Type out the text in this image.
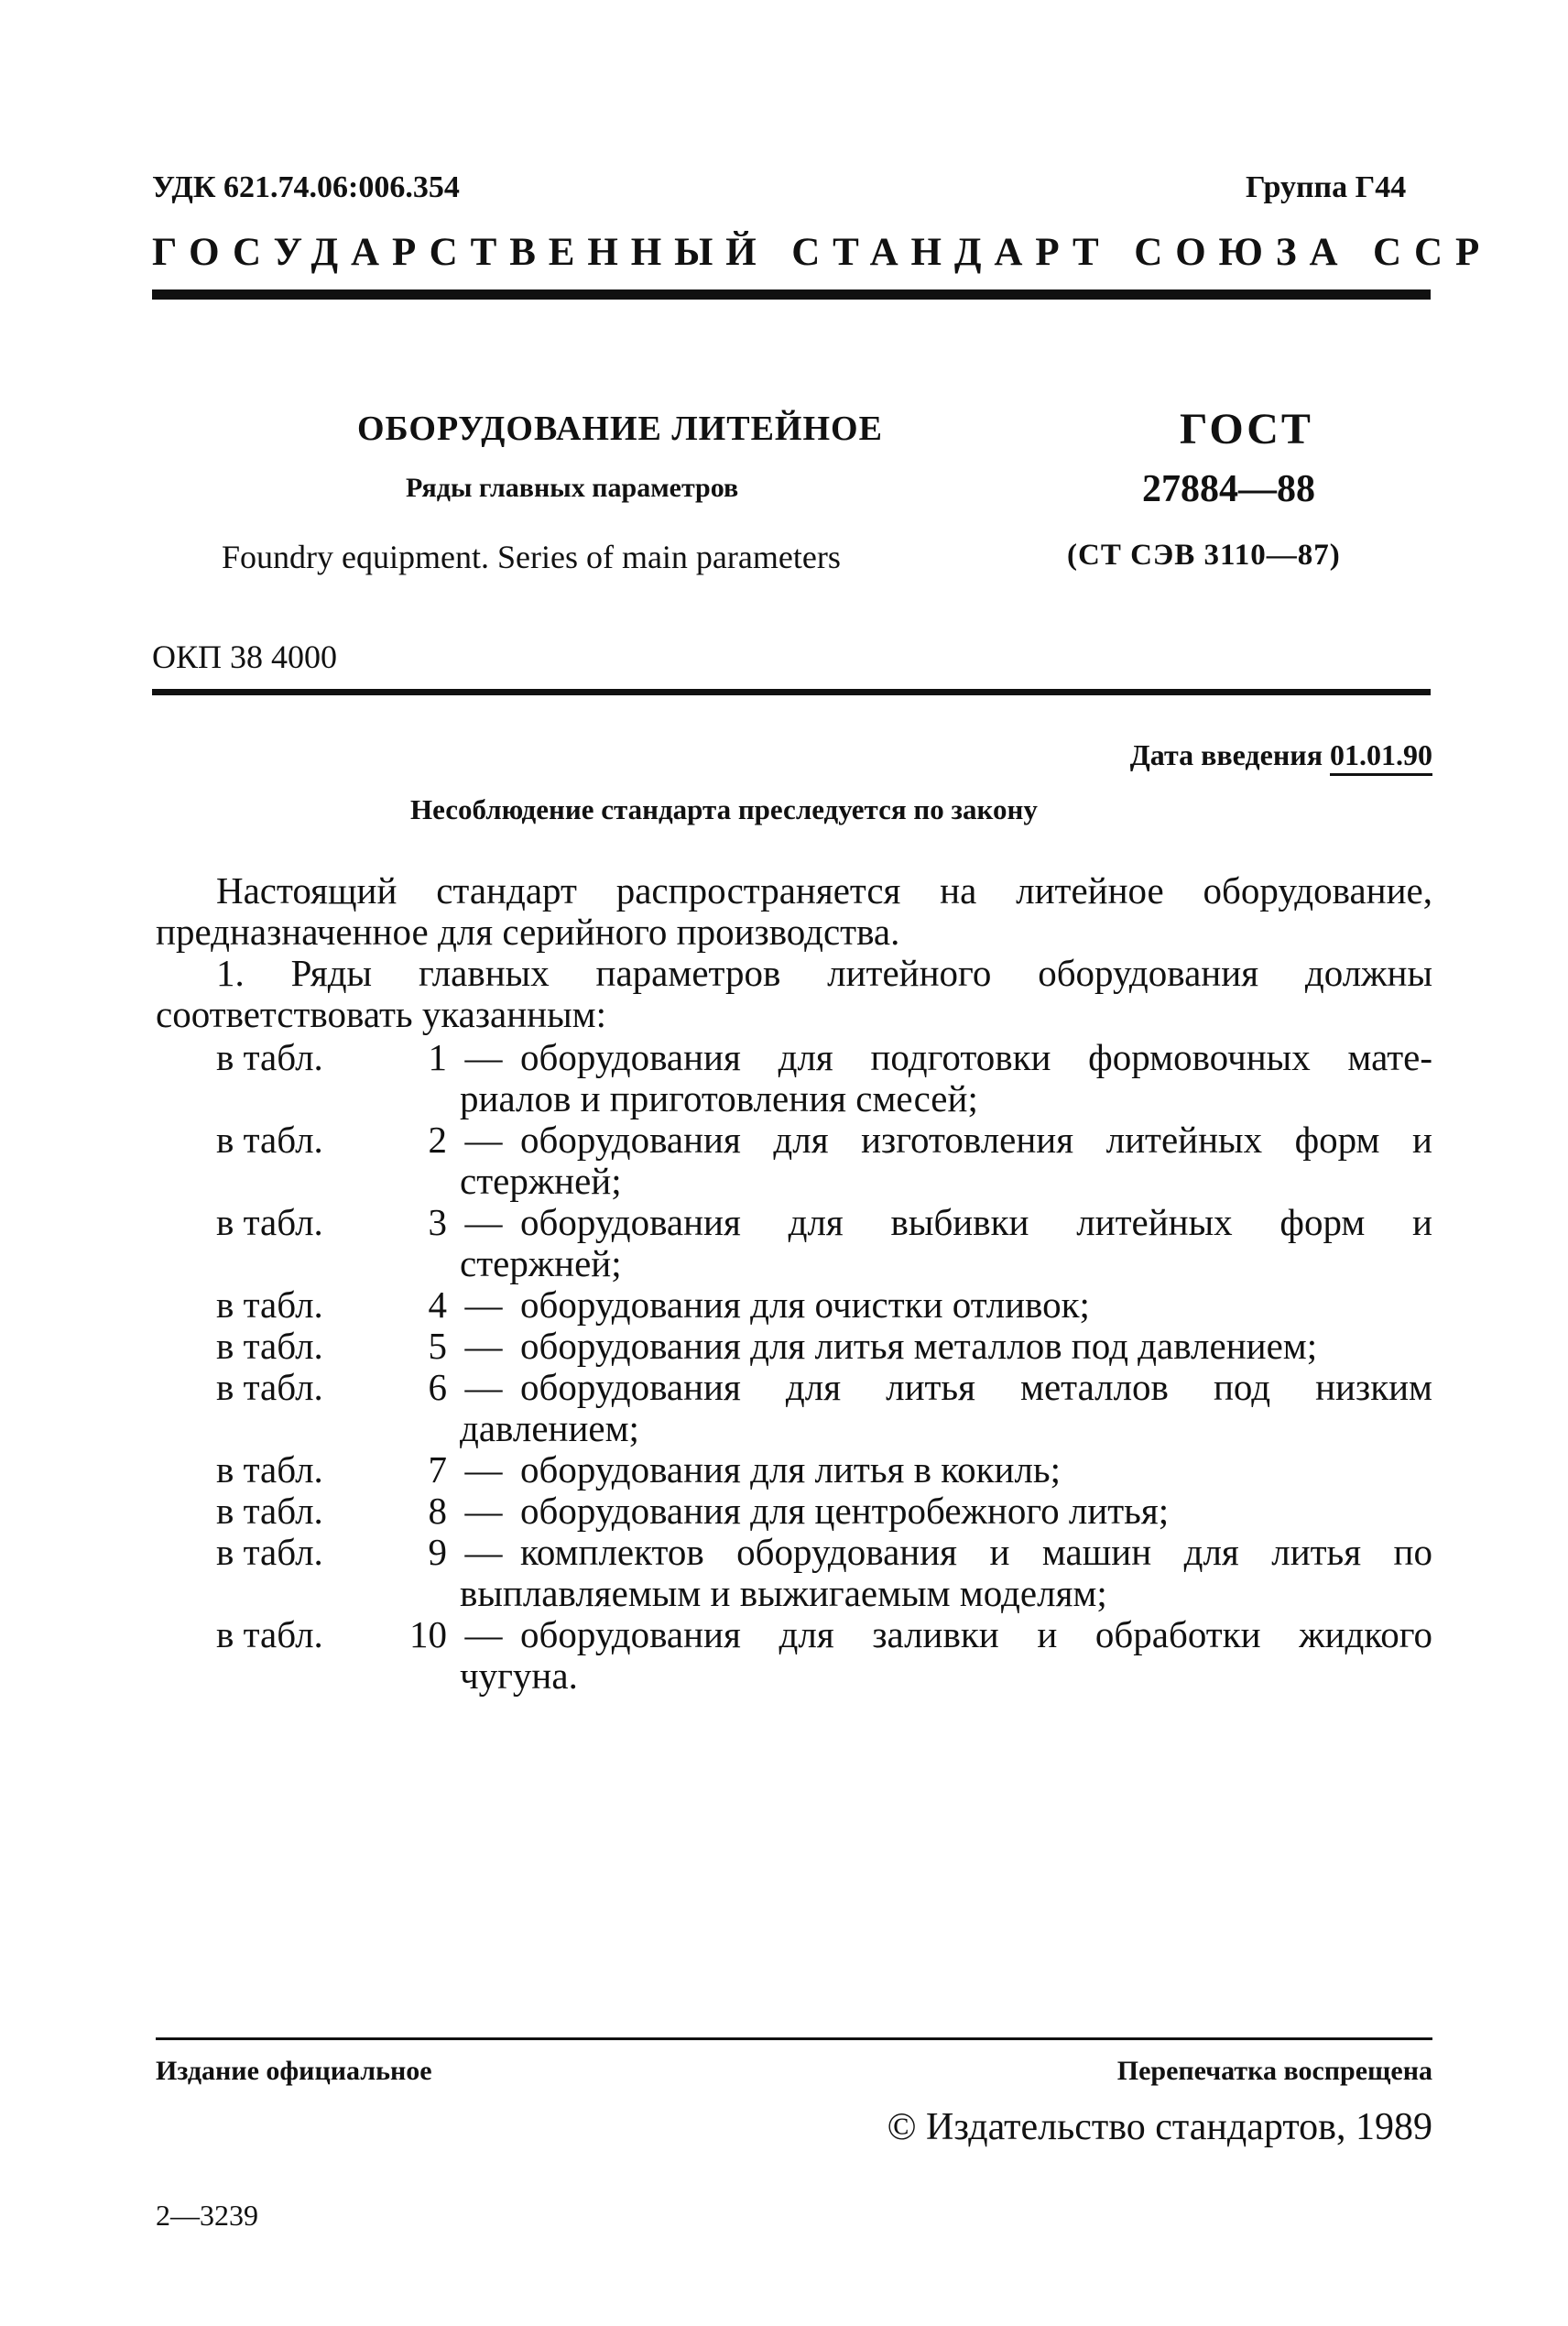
УДК 621.74.06:006.354	Группа Г44
ГОСУДАРСТВЕННЫЙ СТАНДАРТ СОЮЗА ССР
ОБОРУДОВАНИЕ ЛИТЕЙНОЕ
Ряды главных параметров
Foundry equipment. Series of main parameters
ГОСТ
27884—88
(СТ СЭВ 3110—87)
ОКП 38 4000
Дата введения 01.01.90
Несоблюдение стандарта преследуется по закону
Настоящий стандарт распространяется на литейное оборудование, предназначенное для серийного производства.
1. Ряды главных параметров литейного оборудования должны соответствовать указанным:
в табл.	1 — оборудования для подготовки формовочных мате-
риалов и приготовления смесей;
в табл.	2 — оборудования для изготовления литейных форм и
стержней;
в табл.	3 — оборудования для выбивки литейных форм и
стержней;
в табл.	4 — оборудования для очистки отливок;
в табл.	5 — оборудования для литья металлов под давлением;
в табл.	6 — оборудования для литья металлов под низким
давлением;
в табл.	7 — оборудования для литья в кокиль;
в табл.	8 — оборудования для центробежного литья;
в табл.	9 — комплектов оборудования и машин для литья по
выплавляемым и выжигаемым моделям;
в табл.	10 — оборудования для заливки и обработки жидкого
чугуна.
Издание официальное	Перепечатка воспрещена
© Издательство стандартов, 1989
2—3239
